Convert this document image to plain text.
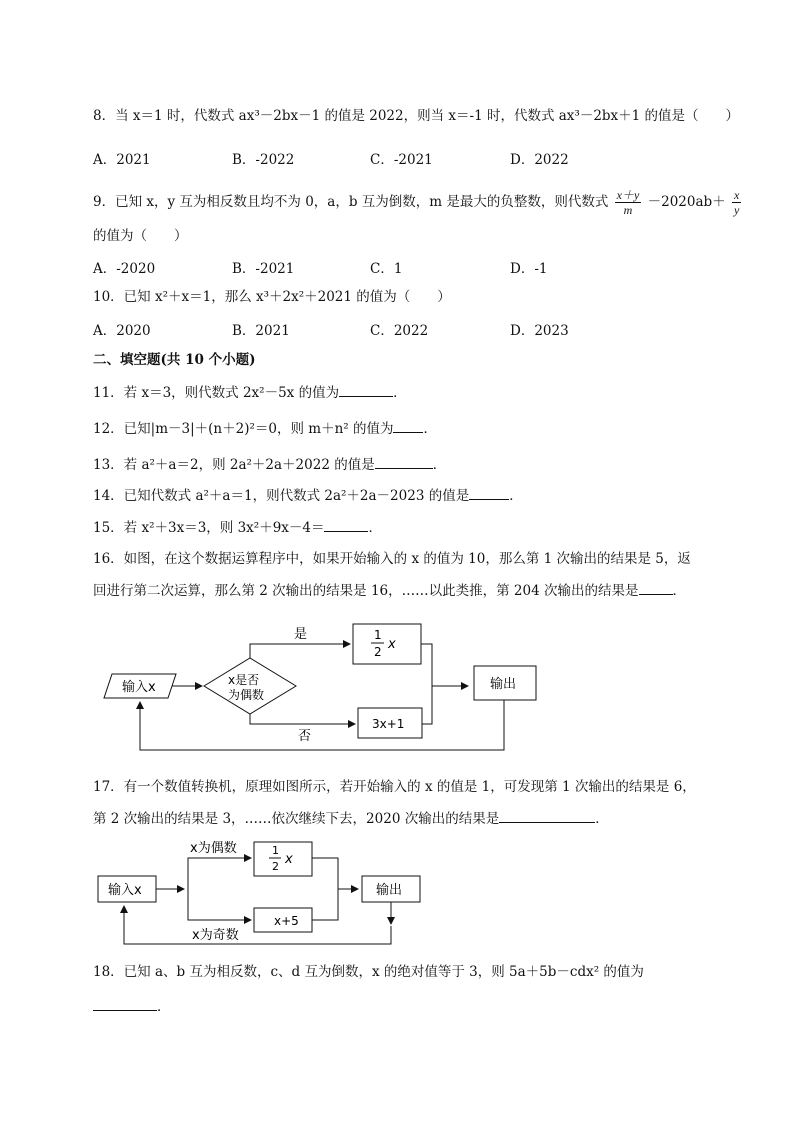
8．当 x＝1 时，代数式 ax³－2bx－1 的值是 2022，则当 x＝-1 时，代数式 ax³－2bx＋1 的值是（　　）
A．2021	B．-2022	C．-2021	D．2022
9．已知 x，y 互为相反数且均不为 0，a，b 互为倒数，m 是最大的负整数，则代数式 $\frac{x+y}{m} -2020ab+ \frac{x}{y}$
的值为（　　）
A．-2020	B．-2021	C．1	D．-1
10．已知 x²＋x＝1，那么 x³＋2x²＋2021 的值为（　　）
A．2020	B．2021	C．2022	D．2023
二、填空题(共 10 个小题)
11．若 x＝3，则代数式 2x²－5x 的值为	．
12．已知|m－3|＋(n＋2)²＝0，则 m＋n² 的值为 ．
13．若 a²＋a＝2，则 2a²＋2a＋2022 的值是	．
14．已知代数式 a²＋a＝1，则代数式 2a²＋2a－2023 的值是	．
15．若 x²＋3x＝3，则 3x²＋9x－4＝	．
16．如图，在这个数据运算程序中，如果开始输入的 x 的值为 10，那么第 1 次输出的结果是 5，返
回进行第二次运算，那么第 2 次输出的结果是 16，……以此类推，第 204 次输出的结果是	．
输入x	x是否
为偶数
是	1
2 x
否
3x+1
输出
17．有一个数值转换机，原理如图所示，若开始输入的 x 的值是 1，可发现第 1 次输出的结果是 6，
第 2 次输出的结果是 3，……依次继续下去，2020 次输出的结果是	．
输入x
x为偶数	1
2 x
x+5
x为奇数
输出
18．已知 a、b 互为相反数，c、d 互为倒数，x 的绝对值等于 3，则 5a＋5b－cdx² 的值为
．
